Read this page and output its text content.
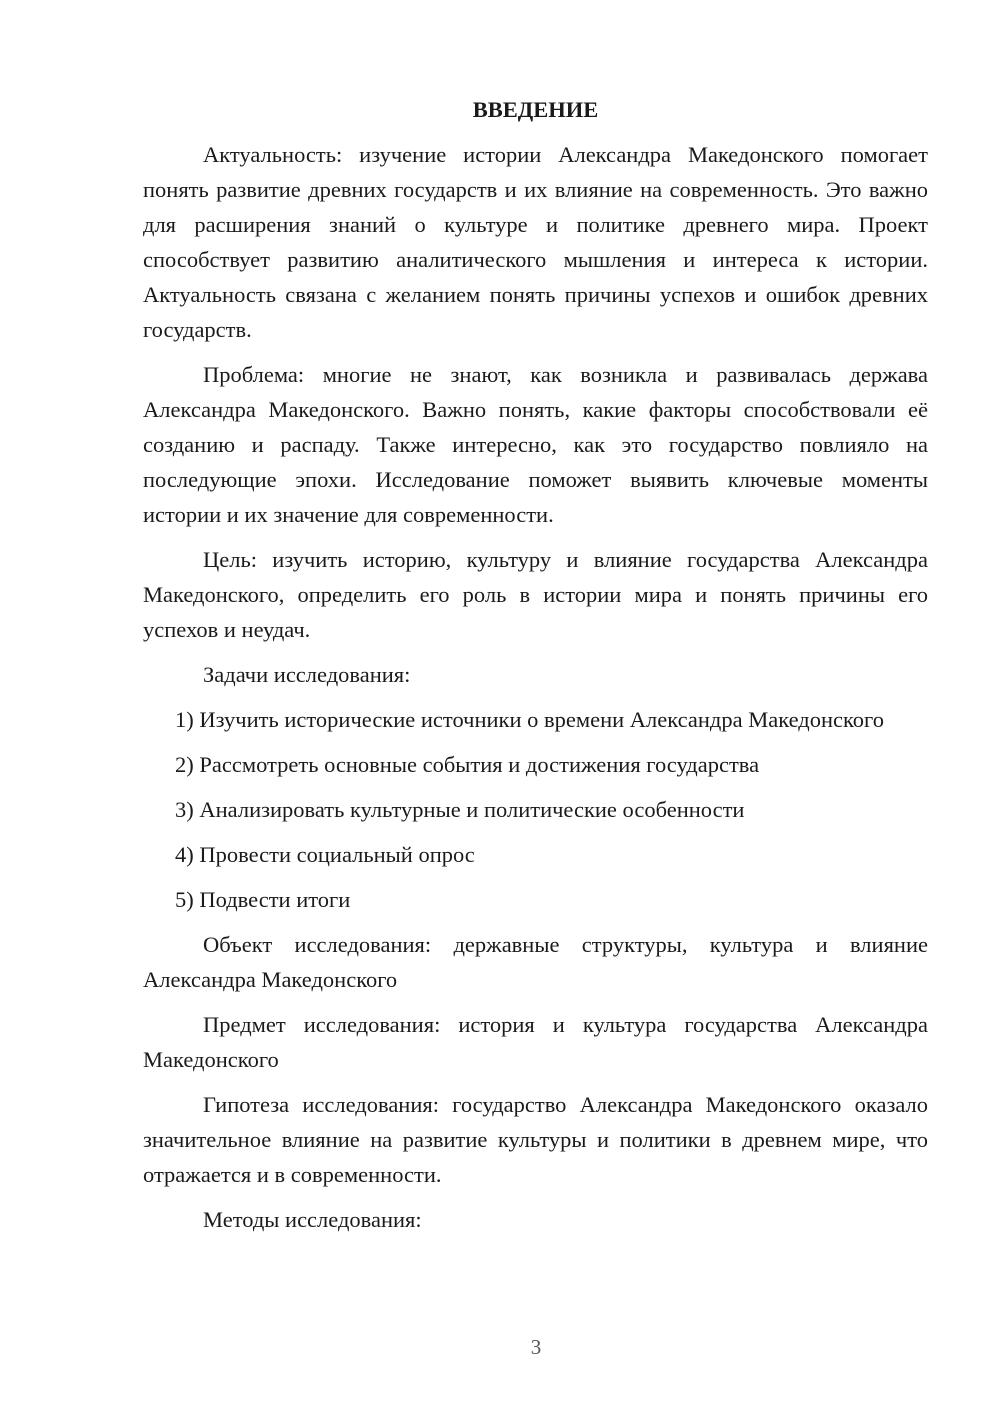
ВВЕДЕНИЕ

Актуальность: изучение истории Александра Македонского помогает понять развитие древних государств и их влияние на современность. Это важно для расширения знаний о культуре и политике древнего мира. Проект способствует развитию аналитического мышления и интереса к истории. Актуальность связана с желанием понять причины успехов и ошибок древних государств.

Проблема: многие не знают, как возникла и развивалась держава Александра Македонского. Важно понять, какие факторы способствовали её созданию и распаду. Также интересно, как это государство повлияло на последующие эпохи. Исследование поможет выявить ключевые моменты истории и их значение для современности.

Цель: изучить историю, культуру и влияние государства Александра Македонского, определить его роль в истории мира и понять причины его успехов и неудач.

Задачи исследования:

1) Изучить исторические источники о времени Александра Македонского

2) Рассмотреть основные события и достижения государства

3) Анализировать культурные и политические особенности

4) Провести социальный опрос

5) Подвести итоги

Объект исследования: державные структуры, культура и влияние Александра Македонского

Предмет исследования: история и культура государства Александра Македонского

Гипотеза исследования: государство Александра Македонского оказало значительное влияние на развитие культуры и политики в древнем мире, что отражается и в современности.

Методы исследования:

3
